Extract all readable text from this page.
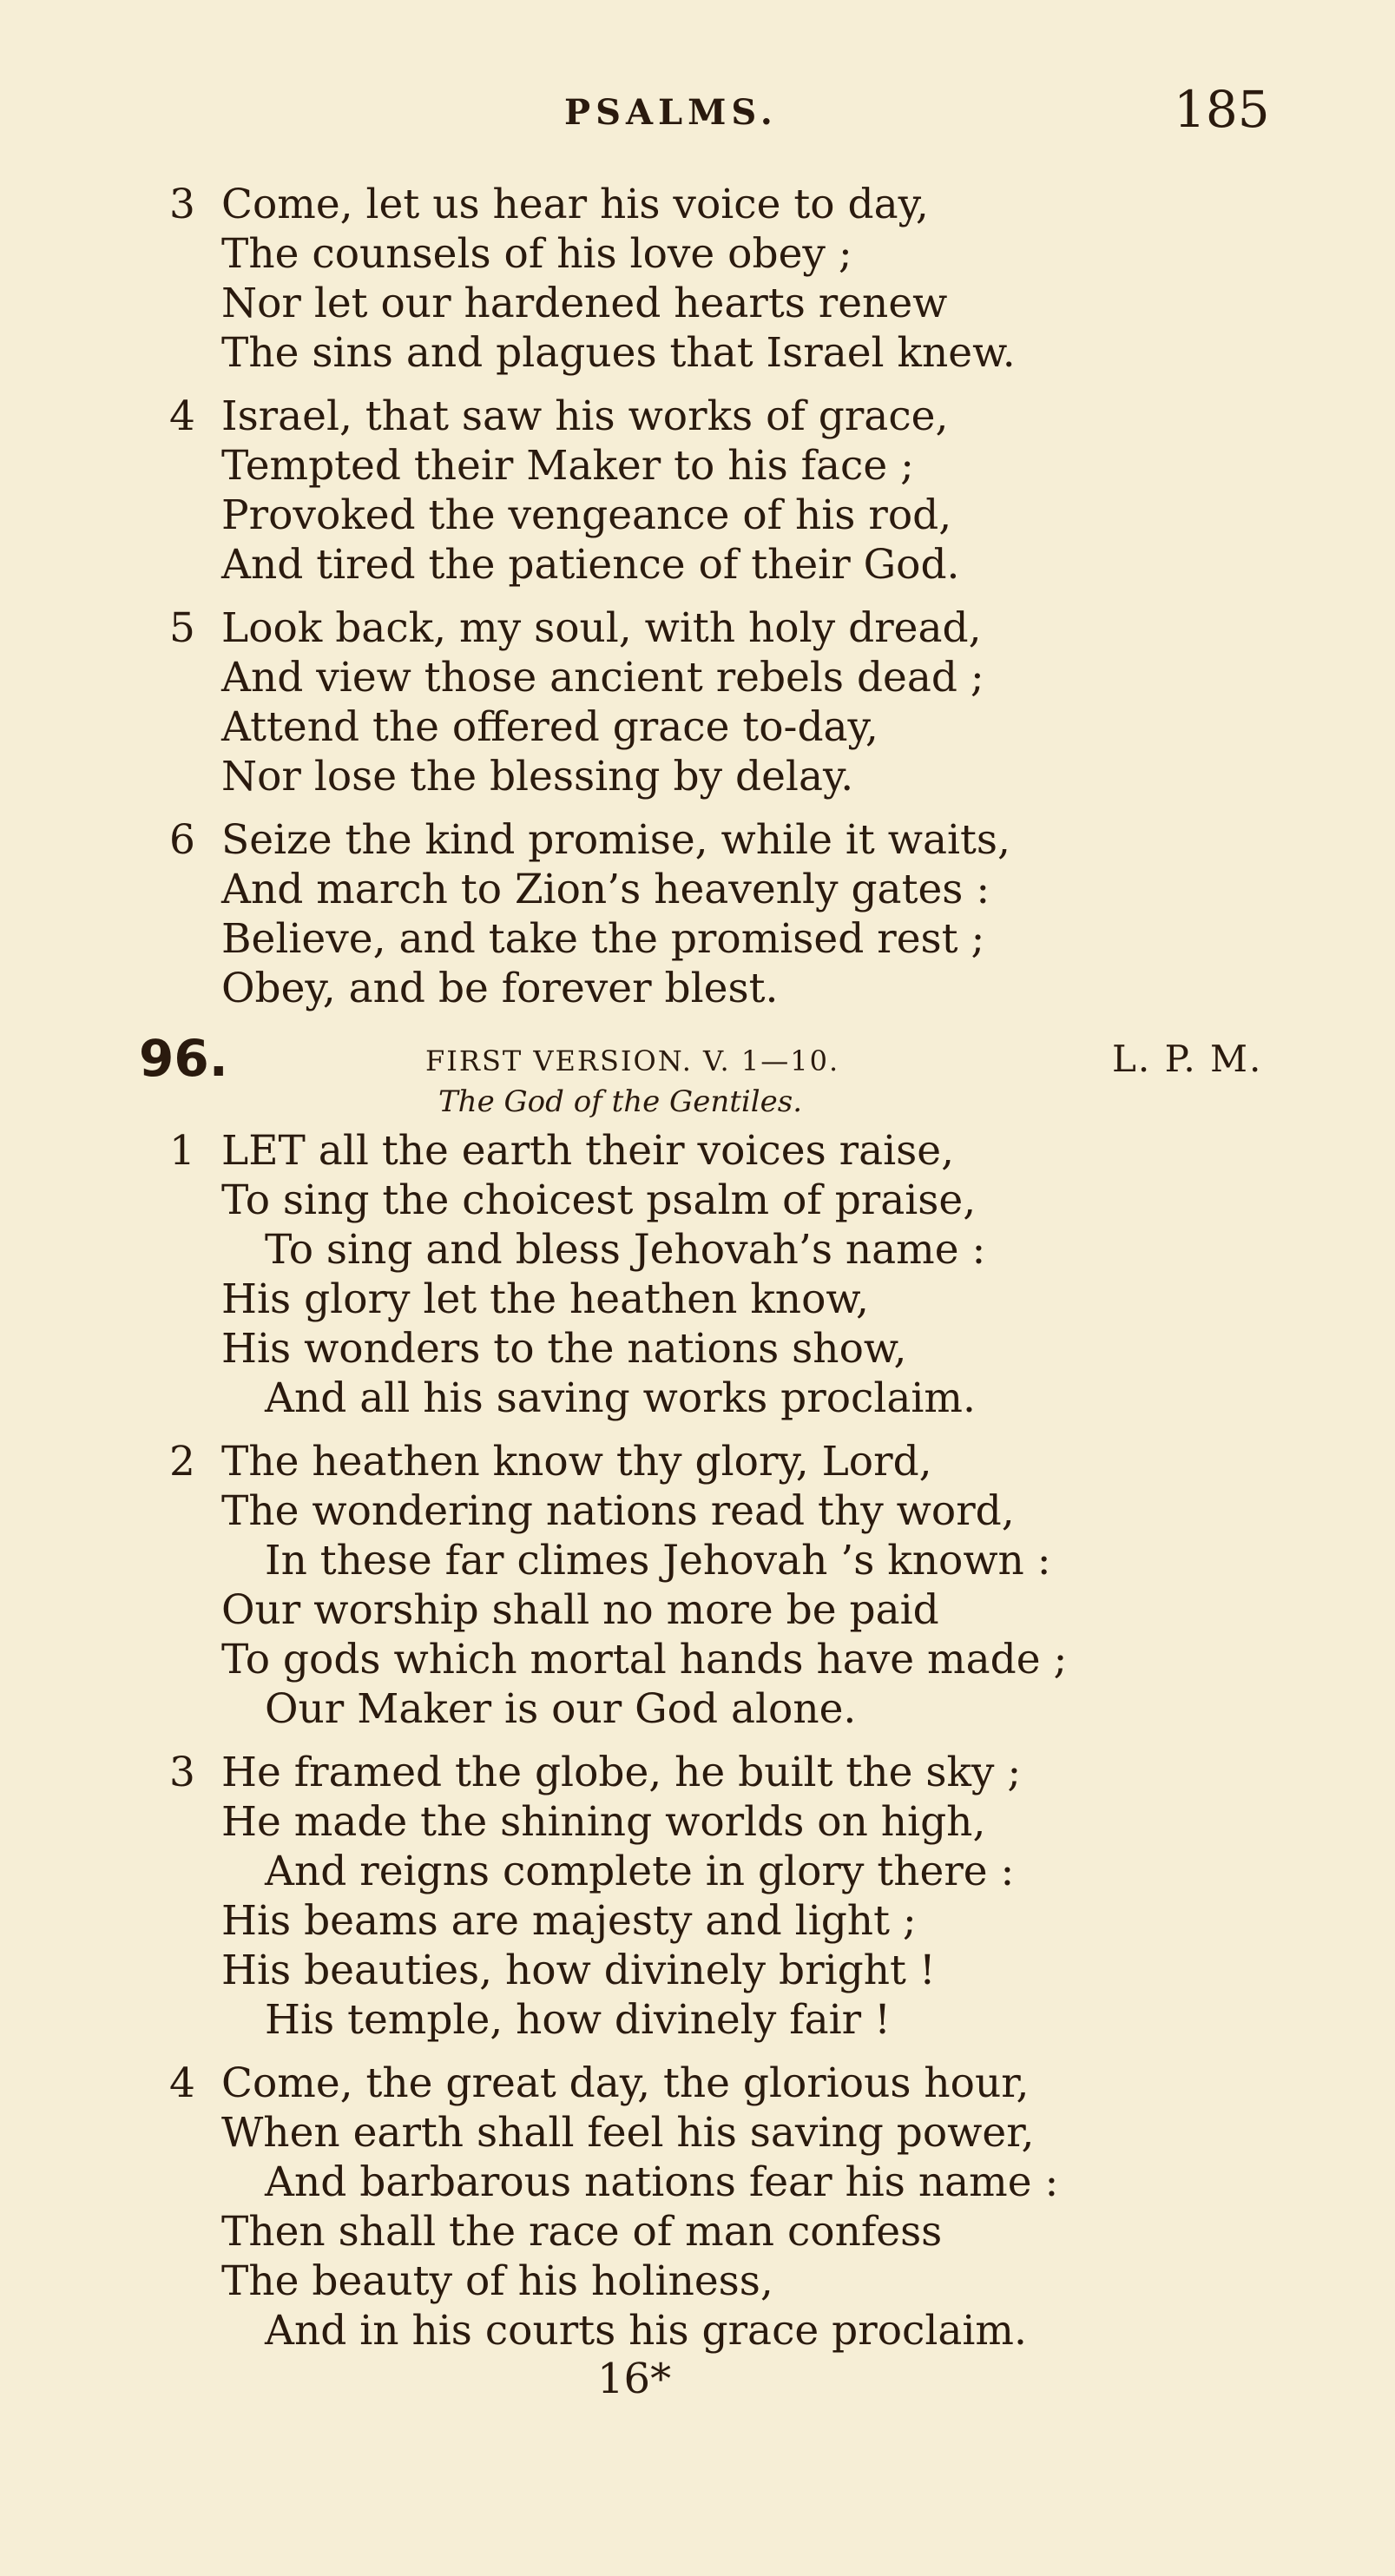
PSALMS.	185
3 Come, let us hear his voice to day,
The counsels of his love obey ;
Nor let our hardened hearts renew
The sins and plagues that Israel knew.
4 Israel, that saw his works of grace,
Tempted their Maker to his face ;
Provoked the vengeance of his rod,
And tired the patience of their God.
5 Look back, my soul, with holy dread,
And view those ancient rebels dead ;
Attend the offered grace to-day,
Nor lose the blessing by delay.
6 Seize the kind promise, while it waits,
And march to Zion’s heavenly gates :
Believe, and take the promised rest ;
Obey, and be forever blest.
96.	FIRST VERSION. V. 1—10.	L. P. M.
The God of the Gentiles.
1 LET all the earth their voices raise,
To sing the choicest psalm of praise,
To sing and bless Jehovah’s name :
His glory let the heathen know,
His wonders to the nations show,
And all his saving works proclaim.
2 The heathen know thy glory, Lord,
The wondering nations read thy word,
In these far climes Jehovah ’s known :
Our worship shall no more be paid
To gods which mortal hands have made ;
Our Maker is our God alone.
3 He framed the globe, he built the sky ;
He made the shining worlds on high,
And reigns complete in glory there :
His beams are majesty and light ;
His beauties, how divinely bright !
His temple, how divinely fair !
4 Come, the great day, the glorious hour,
When earth shall feel his saving power,
And barbarous nations fear his name :
Then shall the race of man confess
The beauty of his holiness,
And in his courts his grace proclaim.
16*
